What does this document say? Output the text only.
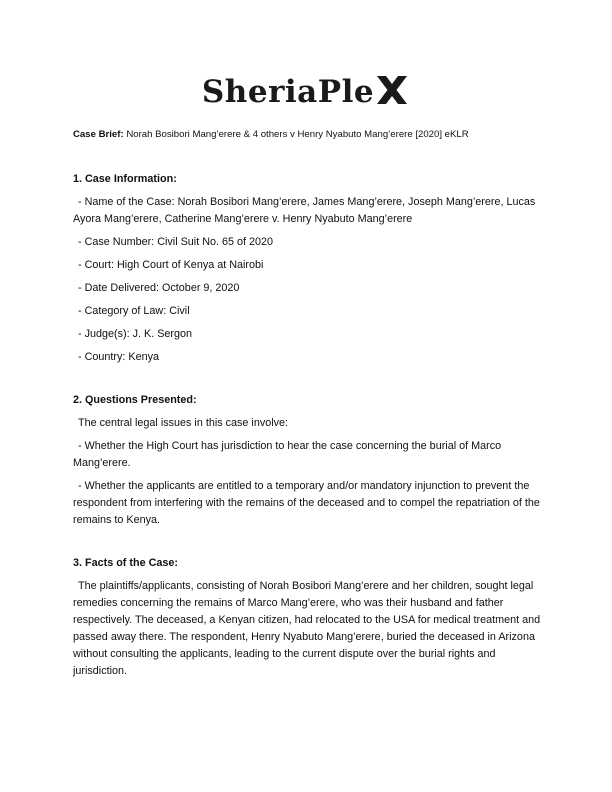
SheriaPle
Case Brief: Norah Bosibori Mang’erere & 4 others v Henry Nyabuto Mang’erere [2020] eKLR
1. Case Information:
- Name of the Case: Norah Bosibori Mang’erere, James Mang’erere, Joseph Mang’erere, Lucas Ayora Mang’erere, Catherine Mang’erere v. Henry Nyabuto Mang’erere
- Case Number: Civil Suit No. 65 of 2020
- Court: High Court of Kenya at Nairobi
- Date Delivered: October 9, 2020
- Category of Law: Civil
- Judge(s): J. K. Sergon
- Country: Kenya
2. Questions Presented:
The central legal issues in this case involve:
- Whether the High Court has jurisdiction to hear the case concerning the burial of Marco Mang’erere.
- Whether the applicants are entitled to a temporary and/or mandatory injunction to prevent the respondent from interfering with the remains of the deceased and to compel the repatriation of the remains to Kenya.
3. Facts of the Case:
The plaintiffs/applicants, consisting of Norah Bosibori Mang’erere and her children, sought legal remedies concerning the remains of Marco Mang’erere, who was their husband and father respectively. The deceased, a Kenyan citizen, had relocated to the USA for medical treatment and passed away there. The respondent, Henry Nyabuto Mang’erere, buried the deceased in Arizona without consulting the applicants, leading to the current dispute over the burial rights and jurisdiction.
